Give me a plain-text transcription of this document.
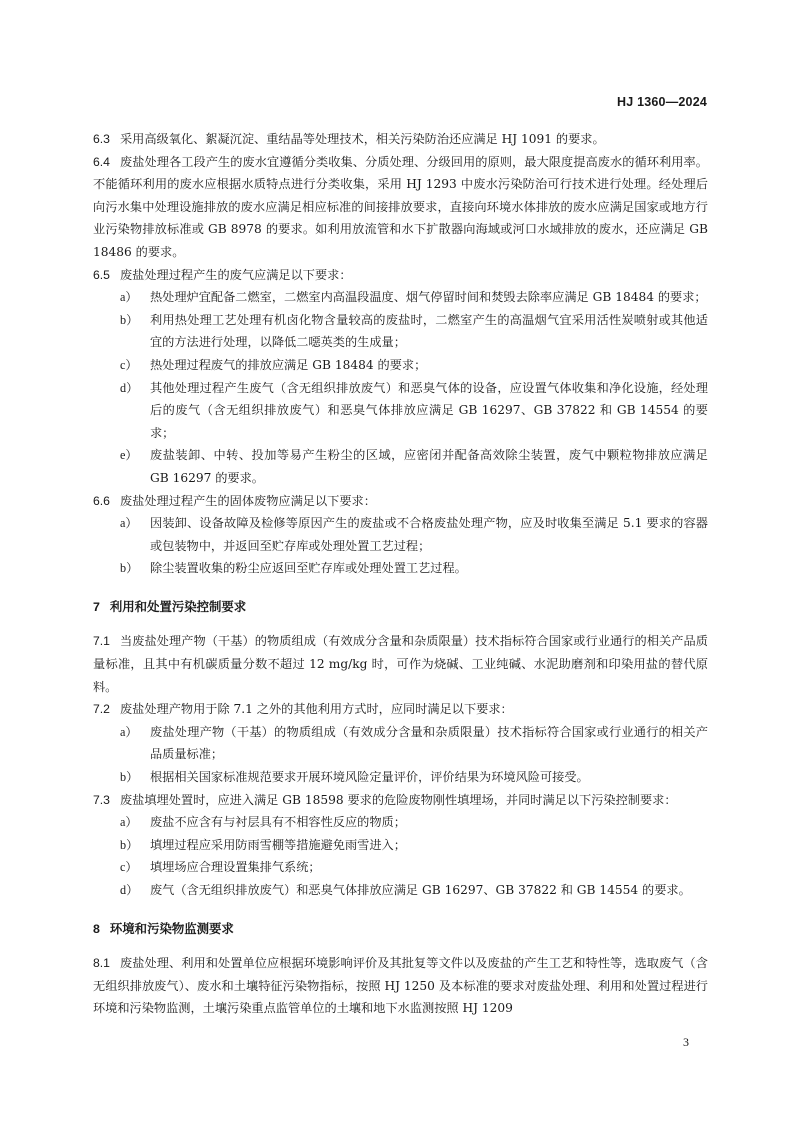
HJ 1360—2024

6.3 采用高级氧化、絮凝沉淀、重结晶等处理技术，相关污染防治还应满足 HJ 1091 的要求。

6.4 废盐处理各工段产生的废水宜遵循分类收集、分质处理、分级回用的原则，最大限度提高废水的循环利用率。不能循环利用的废水应根据水质特点进行分类收集，采用 HJ 1293 中废水污染防治可行技术进行处理。经处理后向污水集中处理设施排放的废水应满足相应标准的间接排放要求，直接向环境水体排放的废水应满足国家或地方行业污染物排放标准或 GB 8978 的要求。如利用放流管和水下扩散器向海域或河口水域排放的废水，还应满足 GB 18486 的要求。

6.5 废盐处理过程产生的废气应满足以下要求：

a）	热处理炉宜配备二燃室，二燃室内高温段温度、烟气停留时间和焚毁去除率应满足 GB 18484 的要求；
b） 利用热处理工艺处理有机卤化物含量较高的废盐时，二燃室产生的高温烟气宜采用活性炭喷射或其他适宜的方法进行处理，以降低二噁英类的生成量；
c）	热处理过程废气的排放应满足 GB 18484 的要求；
d） 其他处理过程产生废气（含无组织排放废气）和恶臭气体的设备，应设置气体收集和净化设施，经处理后的废气（含无组织排放废气）和恶臭气体排放应满足 GB 16297、GB 37822 和 GB 14554 的要求；
e）	废盐装卸、中转、投加等易产生粉尘的区域，应密闭并配备高效除尘装置，废气中颗粒物排放应满足 GB 16297 的要求。

6.6 废盐处理过程产生的固体废物应满足以下要求：

a）	因装卸、设备故障及检修等原因产生的废盐或不合格废盐处理产物，应及时收集至满足 5.1 要求的容器或包装物中，并返回至贮存库或处理处置工艺过程；
b） 除尘装置收集的粉尘应返回至贮存库或处理处置工艺过程。

7 利用和处置污染控制要求

7.1 当废盐处理产物（干基）的物质组成（有效成分含量和杂质限量）技术指标符合国家或行业通行的相关产品质量标准，且其中有机碳质量分数不超过 12 mg/kg 时，可作为烧碱、工业纯碱、水泥助磨剂和印染用盐的替代原料。

7.2 废盐处理产物用于除 7.1 之外的其他利用方式时，应同时满足以下要求：

a）	废盐处理产物（干基）的物质组成（有效成分含量和杂质限量）技术指标符合国家或行业通行的相关产品质量标准；
b） 根据相关国家标准规范要求开展环境风险定量评价，评价结果为环境风险可接受。

7.3 废盐填埋处置时，应进入满足 GB 18598 要求的危险废物刚性填埋场，并同时满足以下污染控制要求：

a）	废盐不应含有与衬层具有不相容性反应的物质；
b） 填埋过程应采用防雨雪棚等措施避免雨雪进入；
c）	填埋场应合理设置集排气系统；
d） 废气（含无组织排放废气）和恶臭气体排放应满足 GB 16297、GB 37822 和 GB 14554 的要求。

8 环境和污染物监测要求

8.1 废盐处理、利用和处置单位应根据环境影响评价及其批复等文件以及废盐的产生工艺和特性等，选取废气（含无组织排放废气）、废水和土壤特征污染物指标，按照 HJ 1250 及本标准的要求对废盐处理、利用和处置过程进行环境和污染物监测，土壤污染重点监管单位的土壤和地下水监测按照 HJ 1209

3
